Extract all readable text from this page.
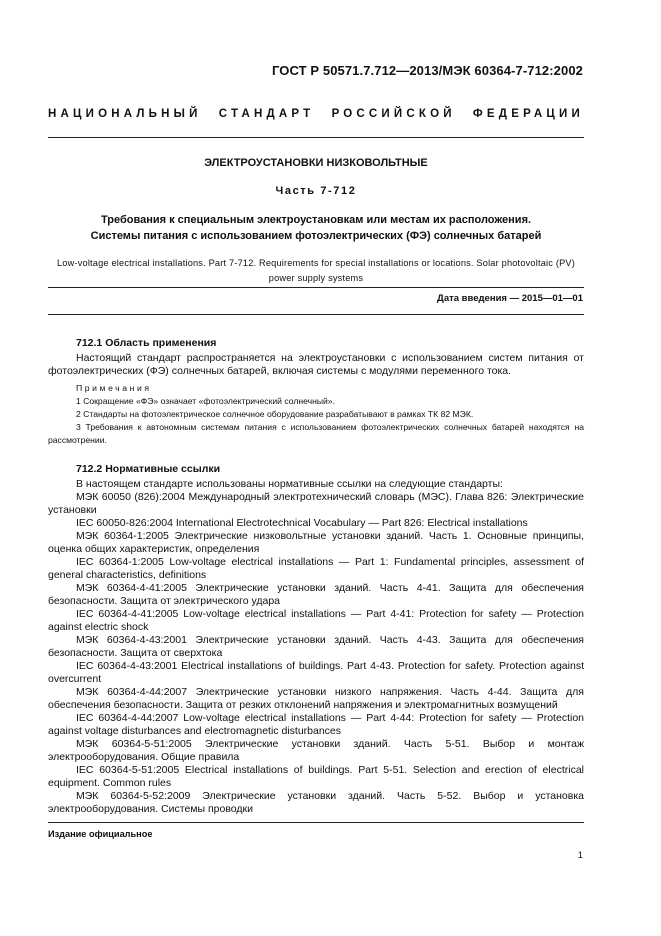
ГОСТ Р 50571.7.712—2013/МЭК 60364-7-712:2002
НАЦИОНАЛЬНЫЙ СТАНДАРТ РОССИЙСКОЙ ФЕДЕРАЦИИ
ЭЛЕКТРОУСТАНОВКИ НИЗКОВОЛЬТНЫЕ
Часть 7-712
Требования к специальным электроустановкам или местам их расположения.
Системы питания с использованием фотоэлектрических (ФЭ) солнечных батарей
Low-voltage electrical installations. Part 7-712. Requirements for special installations or locations. Solar photovoltaic (PV)
power supply systems
Дата введения — 2015—01—01
712.1 Область применения

Настоящий стандарт распространяется на электроустановки с использованием систем питания от фотоэлектрических (ФЭ) солнечных батарей, включая системы с модулями переменного тока.

Примечания

1 Сокращение «ФЭ» означает «фотоэлектрический солнечный».

2 Стандарты на фотоэлектрическое солнечное оборудование разрабатывают в рамках ТК 82 МЭК.

3 Требования к автономным системам питания с использованием фотоэлектрических солнечных батарей находятся на рассмотрении.

712.2 Нормативные ссылки

В настоящем стандарте использованы нормативные ссылки на следующие стандарты:

МЭК 60050 (826):2004 Международный электротехнический словарь (МЭС). Глава 826: Электрические установки

IEC 60050-826:2004 International Electrotechnical Vocabulary — Part 826: Electrical installations

МЭК 60364-1:2005 Электрические низковольтные установки зданий. Часть 1. Основные принципы, оценка общих характеристик, определения

IEC 60364-1:2005 Low-voltage electrical installations — Part 1: Fundamental principles, assessment of general characteristics, definitions

МЭК 60364-4-41:2005 Электрические установки зданий. Часть 4-41. Защита для обеспечения безопасности. Защита от электрического удара

IEC 60364-4-41:2005 Low-voltage electrical installations — Part 4-41: Protection for safety — Protection against electric shock

МЭК 60364-4-43:2001 Электрические установки зданий. Часть 4-43. Защита для обеспечения безопасности. Защита от сверхтока

IEC 60364-4-43:2001 Electrical installations of buildings. Part 4-43. Protection for safety. Protection against overcurrent

МЭК 60364-4-44:2007 Электрические установки низкого напряжения. Часть 4-44. Защита для обеспечения безопасности. Защита от резких отклонений напряжения и электромагнитных возмущений

IEC 60364-4-44:2007 Low-voltage electrical installations — Part 4-44: Protection for safety — Protection against voltage disturbances and electromagnetic disturbances

МЭК 60364-5-51:2005 Электрические установки зданий. Часть 5-51. Выбор и монтаж электрооборудования. Общие правила

IEC 60364-5-51:2005 Electrical installations of buildings. Part 5-51. Selection and erection of electrical equipment. Common rules

МЭК 60364-5-52:2009 Электрические установки зданий. Часть 5-52. Выбор и установка электрооборудования. Системы проводки

Издание официальное
1
